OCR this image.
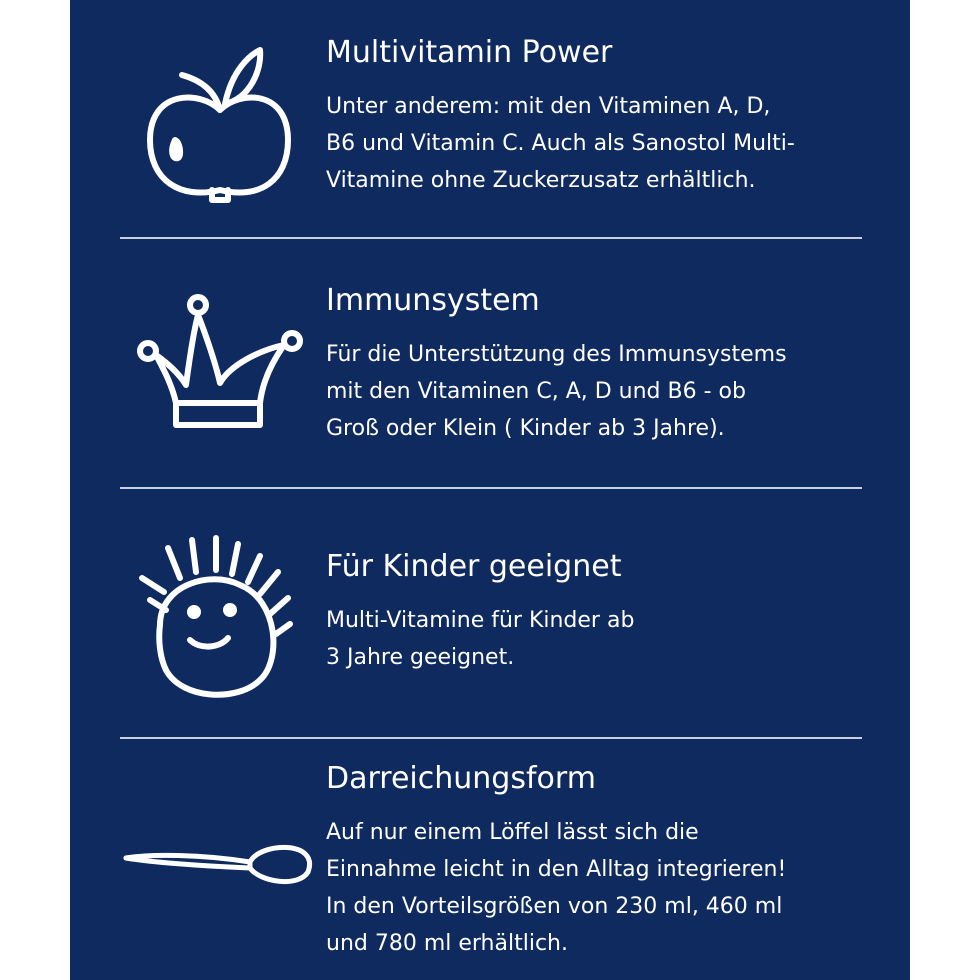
Multivitamin Power
Unter anderem: mit den Vitaminen A, D,
B6 und Vitamin C. Auch als Sanostol Multi-
Vitamine ohne Zuckerzusatz erhältlich.
Immunsystem
Für die Unterstützung des Immunsystems
mit den Vitaminen C, A, D und B6 - ob
Groß oder Klein ( Kinder ab 3 Jahre).
Für Kinder geeignet
Multi-Vitamine für Kinder ab
3 Jahre geeignet.
Darreichungsform
Auf nur einem Löffel lässt sich die
Einnahme leicht in den Alltag integrieren!
In den Vorteilsgrößen von 230 ml, 460 ml
und 780 ml erhältlich.
